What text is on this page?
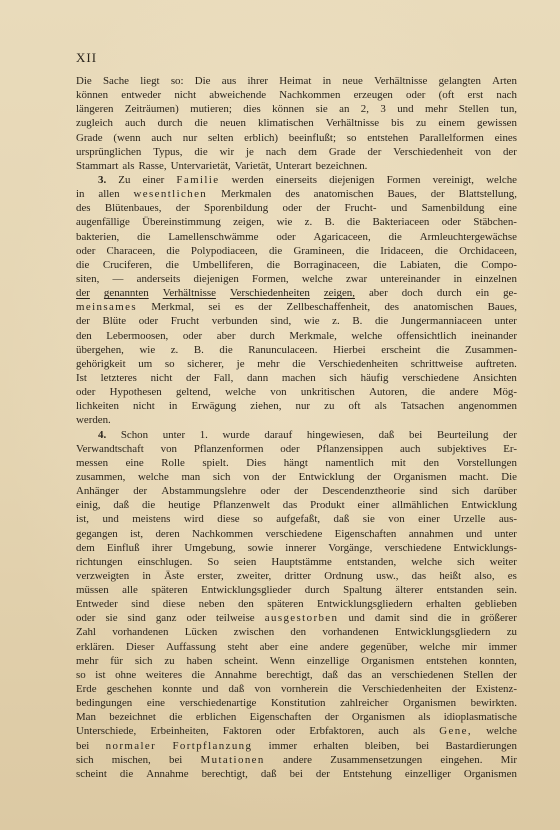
XII
Die Sache liegt so: Die aus ihrer Heimat in neue Verhältnisse gelangten Arten
können entweder nicht abweichende Nachkommen erzeugen oder (oft erst nach
längeren Zeiträumen) mutieren; dies können sie an 2, 3 und mehr Stellen tun,
zugleich auch durch die neuen klimatischen Verhältnisse bis zu einem gewissen
Grade (wenn auch nur selten erblich) beeinflußt; so entstehen Parallelformen eines
ursprünglichen Typus, die wir je nach dem Grade der Verschiedenheit von der
Stammart als Rasse, Untervarietät, Varietät, Unterart bezeichnen.
3. Zu einer Familie werden einerseits diejenigen Formen vereinigt, welche
in allen wesentlichen Merkmalen des anatomischen Baues, der Blattstellung,
des Blütenbaues, der Sporenbildung oder der Frucht- und Samenbildung eine
augenfällige Übereinstimmung zeigen, wie z. B. die Bakteriaceen oder Stäbchen-
bakterien, die Lamellenschwämme oder Agaricaceen, die Armleuchtergewächse
oder Characeen, die Polypodiaceen, die Gramineen, die Iridaceen, die Orchidaceen,
die Cruciferen, die Umbelliferen, die Borraginaceen, die Labiaten, die Compo-
siten, — anderseits diejenigen Formen, welche zwar untereinander in einzelnen
der genannten Verhältnisse Verschiedenheiten zeigen, aber doch durch ein ge-
meinsames Merkmal, sei es der Zellbeschaffenheit, des anatomischen Baues,
der Blüte oder Frucht verbunden sind, wie z. B. die Jungermanniaceen unter
den Lebermoosen, oder aber durch Merkmale, welche offensichtlich ineinander
übergehen, wie z. B. die Ranunculaceen. Hierbei erscheint die Zusammen-
gehörigkeit um so sicherer, je mehr die Verschiedenheiten schrittweise auftreten.
Ist letzteres nicht der Fall, dann machen sich häufig verschiedene Ansichten
oder Hypothesen geltend, welche von unkritischen Autoren, die andere Mög-
lichkeiten nicht in Erwägung ziehen, nur zu oft als Tatsachen angenommen
werden.
4. Schon unter 1. wurde darauf hingewiesen, daß bei Beurteilung der
Verwandtschaft von Pflanzenformen oder Pflanzensippen auch subjektives Er-
messen eine Rolle spielt. Dies hängt namentlich mit den Vorstellungen
zusammen, welche man sich von der Entwicklung der Organismen macht. Die
Anhänger der Abstammungslehre oder der Descendenztheorie sind sich darüber
einig, daß die heutige Pflanzenwelt das Produkt einer allmählichen Entwicklung
ist, und meistens wird diese so aufgefaßt, daß sie von einer Urzelle aus-
gegangen ist, deren Nachkommen verschiedene Eigenschaften annahmen und unter
dem Einfluß ihrer Umgebung, sowie innerer Vorgänge, verschiedene Entwicklungs-
richtungen einschlugen. So seien Hauptstämme entstanden, welche sich weiter
verzweigten in Äste erster, zweiter, dritter Ordnung usw., das heißt also, es
müssen alle späteren Entwicklungsglieder durch Spaltung älterer entstanden sein.
Entweder sind diese neben den späteren Entwicklungsgliedern erhalten geblieben
oder sie sind ganz oder teilweise ausgestorben und damit sind die in größerer
Zahl vorhandenen Lücken zwischen den vorhandenen Entwicklungsgliedern zu
erklären. Dieser Auffassung steht aber eine andere gegenüber, welche mir immer
mehr für sich zu haben scheint. Wenn einzellige Organismen entstehen konnten,
so ist ohne weiteres die Annahme berechtigt, daß das an verschiedenen Stellen der
Erde geschehen konnte und daß von vornherein die Verschiedenheiten der Existenz-
bedingungen eine verschiedenartige Konstitution zahlreicher Organismen bewirkten.
Man bezeichnet die erblichen Eigenschaften der Organismen als idioplasmatische
Unterschiede, Erbeinheiten, Faktoren oder Erbfaktoren, auch als Gene, welche
bei normaler Fortpflanzung immer erhalten bleiben, bei Bastardierungen
sich mischen, bei Mutationen andere Zusammensetzungen eingehen. Mir
scheint die Annahme berechtigt, daß bei der Entstehung einzelliger Organismen
